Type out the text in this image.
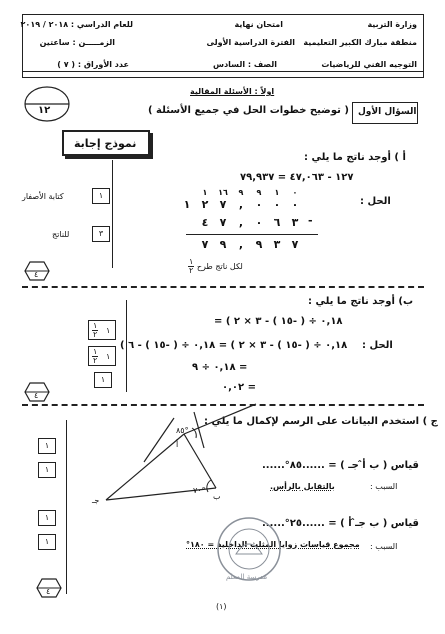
وزارة التربية
منطقة مبارك الكبير التعليمية
التوجيه الفني للرياضيات
امتحان نهاية
الفترة الدراسية الأولى
الصف : السادس
للعام الدراسي : ٢٠١٨ / ٢٠١٩
الزمـــــن : ساعتين
عدد الأوراق : ( ٧ )
اولاً : الأسئلة المقالية
( توضيح خطوات الحل في جميع الأسئلة ) السؤال الأول
١٢
نموذج إجابة
أ ) أوجد ناتج ما يلي :
١٢٧ - ٤٧,٠٦٣ = ٧٩,٩٣٧
الحل :
١	١٦	٩	٩	١	٠
١	٢	٧	,	٠	٠	٠
٤	٧	,	٠	٦	٣
٧	٩	,	٩	٣	٧
-
لكل ناتج طرح
$\frac{١}{٢}$
١
كتابة الأصفار
٣
للناتج
٤
ب) أوجد ناتج ما يلي :
٠,١٨ ÷ ( -١٥ ) - ٣ × ٢ ) =
الحل :
٠,١٨ ÷ ( -١٥ ) - ٣ × ٢ ) = ٠,١٨ ÷ ( -١٥ ) - ٦ )
= ٠,١٨ ÷ ٩
= ٠,٠٢
١
٢ ١
١
٢ ١
١
٤
ج ) استخدم البيانات على الرسم لإكمال ما يلي :
٨٥°
٧٠°
أ
ب
جـ
قياس ( ب أ̂ جـ ) = ......٨٥°......
السبب :
بالتقابل بالرأس.
قياس ( ب جـ̂ أ ) = ......٢٥°......
السبب :
مجموع قياسات زوايا المثلث الداخلية = ١٨٠°
مدرسة المعلم
١
١
١
١
٤
(١)
